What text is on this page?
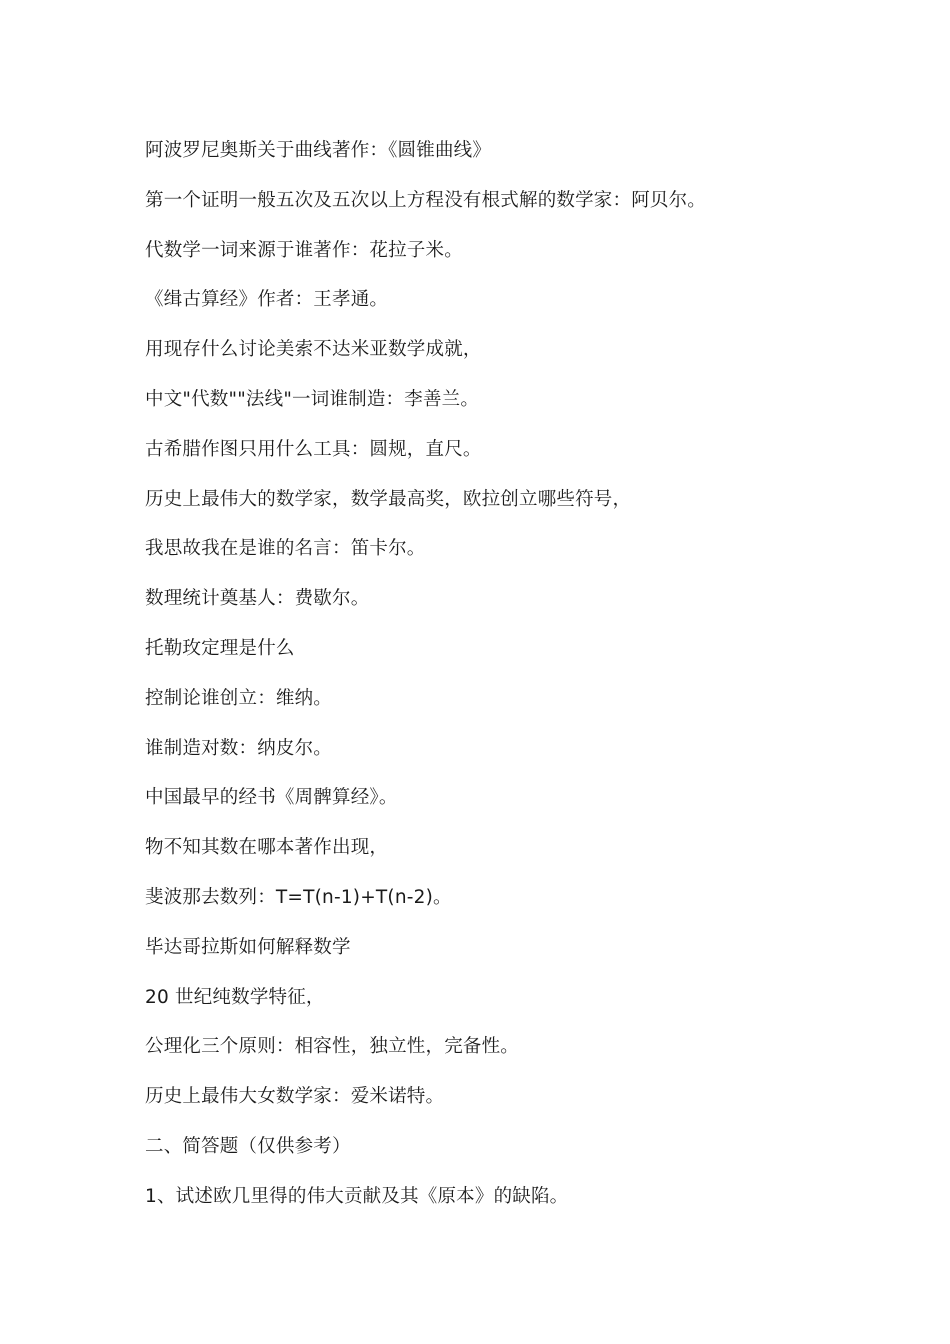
阿波罗尼奥斯关于曲线著作：《圆锥曲线》
第一个证明一般五次及五次以上方程没有根式解的数学家：阿贝尔。
代数学一词来源于谁著作：花拉子米。
《缉古算经》作者：王孝通。
用现存什么讨论美索不达米亚数学成就，
中文"代数""法线"一词谁制造：李善兰。
古希腊作图只用什么工具：圆规，直尺。
历史上最伟大的数学家，数学最高奖，欧拉创立哪些符号，
我思故我在是谁的名言：笛卡尔。
数理统计奠基人：费歇尔。
托勒玫定理是什么
控制论谁创立：维纳。
谁制造对数：纳皮尔。
中国最早的经书《周髀算经》。
物不知其数在哪本著作出现，
斐波那去数列：T=T(n-1)+T(n-2)。
毕达哥拉斯如何解释数学
20 世纪纯数学特征，
公理化三个原则：相容性，独立性，完备性。
历史上最伟大女数学家：爱米诺特。
二、简答题（仅供参考）
1、试述欧几里得的伟大贡献及其《原本》的缺陷。
